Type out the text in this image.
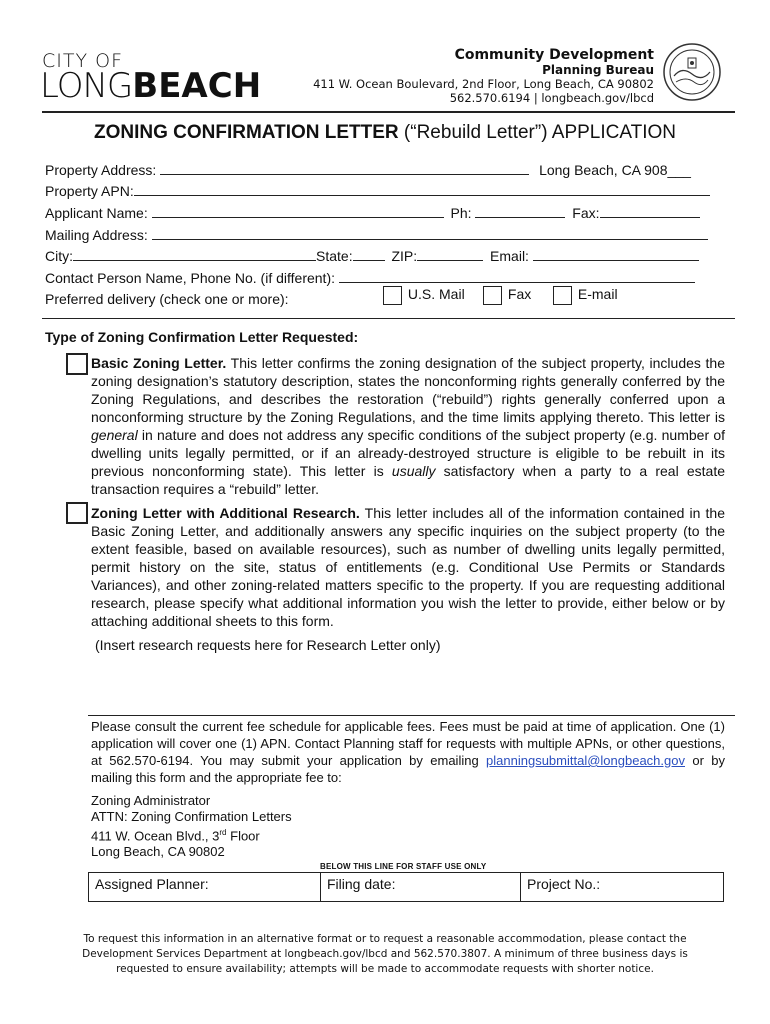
CITY OF
LONGBEACH
Community Development
Planning Bureau
411 W. Ocean Boulevard, 2nd Floor, Long Beach, CA 90802
562.570.6194 | longbeach.gov/lbcd
ZONING CONFIRMATION LETTER (“Rebuild Letter”) APPLICATION
Property Address:	Long Beach, CA 908___
Property APN:
Applicant Name:	Ph:	Fax:
Mailing Address:
City:	State:	ZIP:	Email:
Contact Person Name, Phone No. (if different):
Preferred delivery (check one or more):	U.S. Mail	Fax	E-mail
Type of Zoning Confirmation Letter Requested:
Basic Zoning Letter. This letter confirms the zoning designation of the subject property, includes the zoning designation’s statutory description, states the nonconforming rights generally conferred by the Zoning Regulations, and describes the restoration (“rebuild”) rights generally conferred upon a nonconforming structure by the Zoning Regulations, and the time limits applying thereto. This letter is general in nature and does not address any specific conditions of the subject property (e.g. number of dwelling units legally permitted, or if an already-destroyed structure is eligible to be rebuilt in its previous nonconforming state). This letter is usually satisfactory when a party to a real estate transaction requires a “rebuild” letter.
Zoning Letter with Additional Research. This letter includes all of the information contained in the Basic Zoning Letter, and additionally answers any specific inquiries on the subject property (to the extent feasible, based on available resources), such as number of dwelling units legally permitted, permit history on the site, status of entitlements (e.g. Conditional Use Permits or Standards Variances), and other zoning-related matters specific to the property. If you are requesting additional research, please specify what additional information you wish the letter to provide, either below or by attaching additional sheets to this form.
(Insert research requests here for Research Letter only)
Please consult the current fee schedule for applicable fees. Fees must be paid at time of application. One (1) application will cover one (1) APN. Contact Planning staff for requests with multiple APNs, or other questions, at 562.570-6194. You may submit your application by emailing planningsubmittal@longbeach.gov or by mailing this form and the appropriate fee to:
Zoning Administrator
ATTN: Zoning Confirmation Letters
411 W. Ocean Blvd., 3rd Floor
Long Beach, CA 90802
BELOW THIS LINE FOR STAFF USE ONLY
Assigned Planner:	Filing date:	Project No.:
To request this information in an alternative format or to request a reasonable accommodation, please contact the
Development Services Department at longbeach.gov/lbcd and 562.570.3807. A minimum of three business days is
requested to ensure availability; attempts will be made to accommodate requests with shorter notice.
